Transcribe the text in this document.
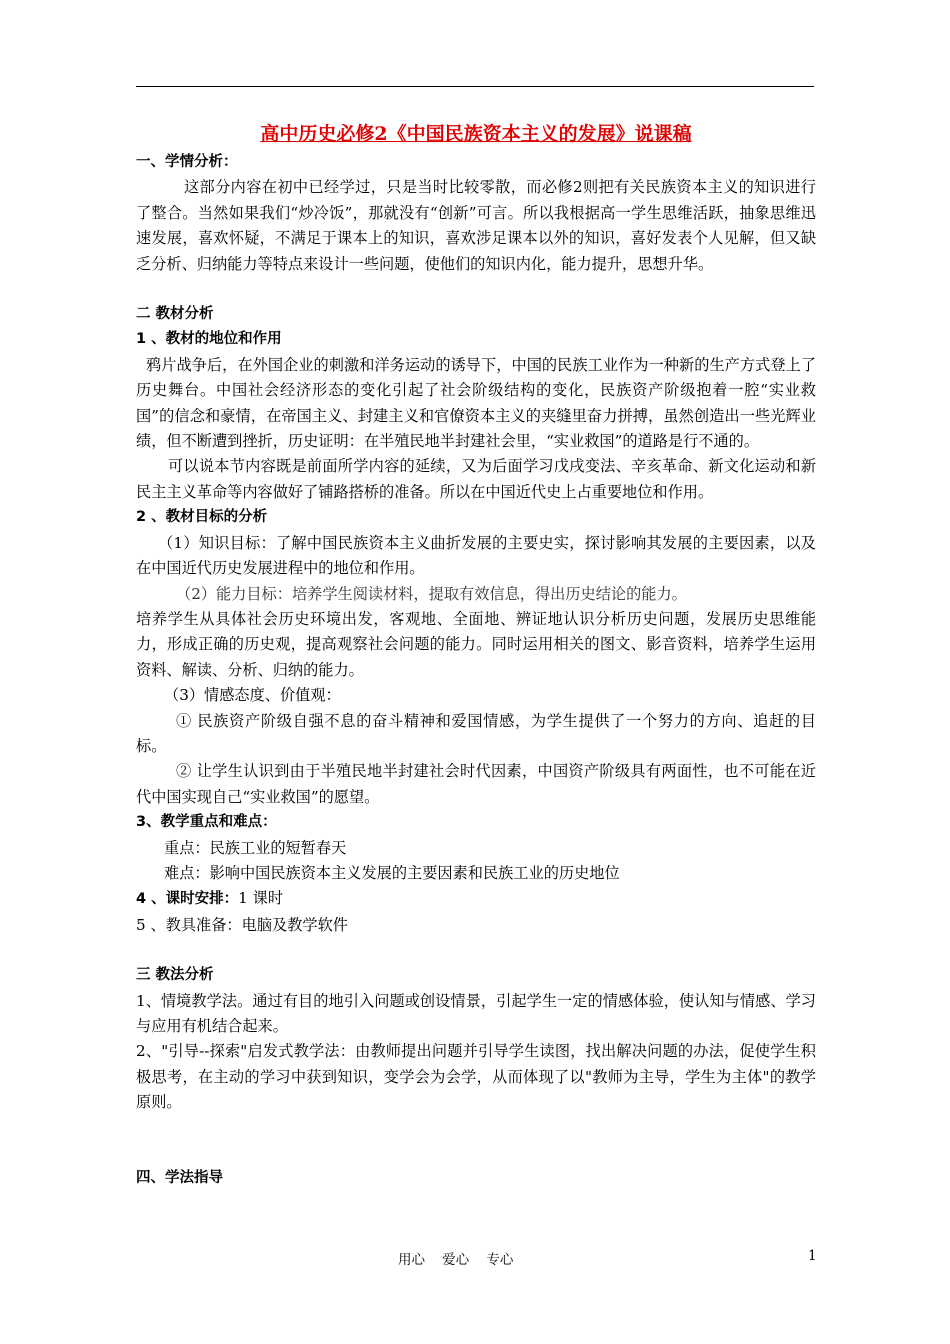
高中历史必修2《中国民族资本主义的发展》说课稿

一、学情分析：

这部分内容在初中已经学过，只是当时比较零散，而必修2则把有关民族资本主义的知识进行了整合。当然如果我们“炒冷饭”，那就没有“创新”可言。所以我根据高一学生思维活跃，抽象思维迅速发展，喜欢怀疑，不满足于课本上的知识，喜欢涉足课本以外的知识，喜好发表个人见解，但又缺乏分析、归纳能力等特点来设计一些问题，使他们的知识内化，能力提升，思想升华。

二 教材分析

1 、教材的地位和作用

鸦片战争后，在外国企业的刺激和洋务运动的诱导下，中国的民族工业作为一种新的生产方式登上了历史舞台。中国社会经济形态的变化引起了社会阶级结构的变化，民族资产阶级抱着一腔“实业救国”的信念和豪情，在帝国主义、封建主义和官僚资本主义的夹缝里奋力拼搏，虽然创造出一些光辉业绩，但不断遭到挫折，历史证明：在半殖民地半封建社会里，“实业救国”的道路是行不通的。

可以说本节内容既是前面所学内容的延续，又为后面学习戊戌变法、辛亥革命、新文化运动和新民主主义革命等内容做好了铺路搭桥的准备。所以在中国近代史上占重要地位和作用。

2 、教材目标的分析

（1）知识目标：了解中国民族资本主义曲折发展的主要史实，探讨影响其发展的主要因素，以及在中国近代历史发展进程中的地位和作用。

（2）能力目标：培养学生阅读材料，提取有效信息，得出历史结论的能力。

培养学生从具体社会历史环境出发，客观地、全面地、辨证地认识分析历史问题，发展历史思维能力，形成正确的历史观，提高观察社会问题的能力。同时运用相关的图文、影音资料，培养学生运用资料、解读、分析、归纳的能力。

（3）情感态度、价值观：

① 民族资产阶级自强不息的奋斗精神和爱国情感，为学生提供了一个努力的方向、追赶的目标。

② 让学生认识到由于半殖民地半封建社会时代因素，中国资产阶级具有两面性，也不可能在近代中国实现自己“实业救国”的愿望。

3、教学重点和难点：

重点：民族工业的短暂春天

难点：影响中国民族资本主义发展的主要因素和民族工业的历史地位

4 、课时安排：1 课时

5 、教具准备：电脑及教学软件

三 教法分析

1、情境教学法。通过有目的地引入问题或创设情景，引起学生一定的情感体验，使认知与情感、学习与应用有机结合起来。

2、"引导--探索"启发式教学法：由教师提出问题并引导学生读图，找出解决问题的办法，促使学生积极思考，在主动的学习中获到知识，变学会为会学，从而体现了以"教师为主导，学生为主体"的教学原则。

四、学法指导

用心    爱心    专心	1
